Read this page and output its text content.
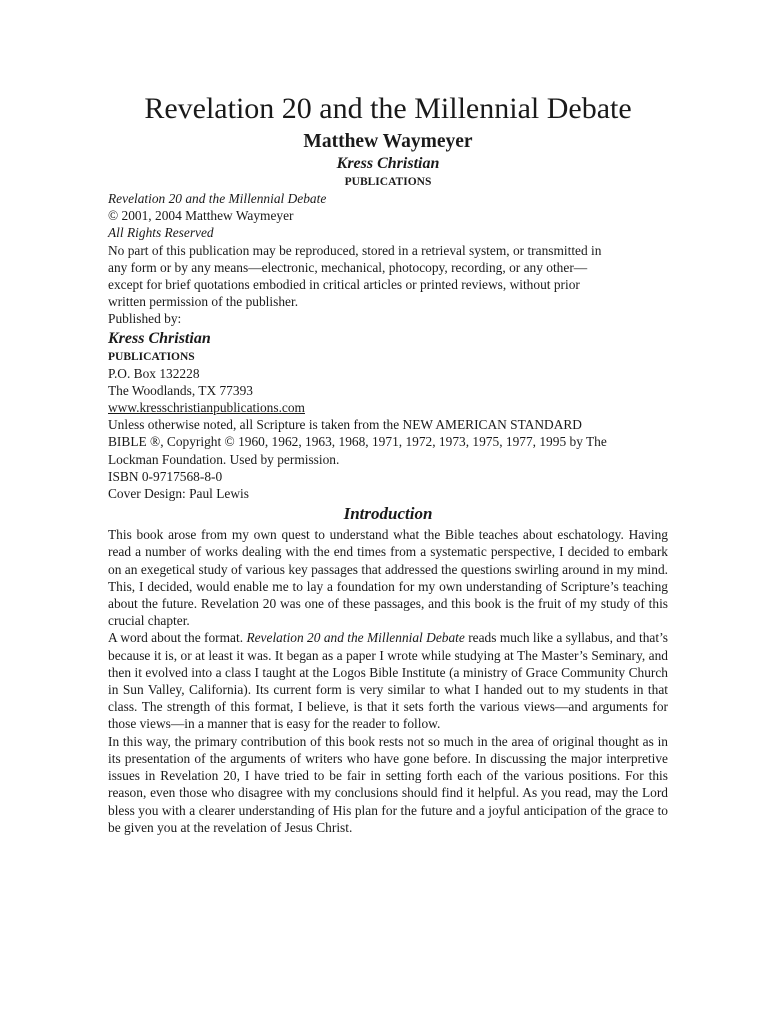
Revelation 20 and the Millennial Debate

Matthew Waymeyer

Kress Christian

PUBLICATIONS

Revelation 20 and the Millennial Debate

© 2001, 2004 Matthew Waymeyer

All Rights Reserved

No part of this publication may be reproduced, stored in a retrieval system, or transmitted in

any form or by any means—electronic, mechanical, photocopy, recording, or any other—

except for brief quotations embodied in critical articles or printed reviews, without prior

written permission of the publisher.

Published by:

Kress Christian

PUBLICATIONS

P.O. Box 132228

The Woodlands, TX 77393

www.kresschristianpublications.com

Unless otherwise noted, all Scripture is taken from the NEW AMERICAN STANDARD

BIBLE ®, Copyright © 1960, 1962, 1963, 1968, 1971, 1972, 1973, 1975, 1977, 1995 by The

Lockman Foundation. Used by permission.

ISBN 0-9717568-8-0

Cover Design: Paul Lewis

Introduction

This book arose from my own quest to understand what the Bible teaches about eschatology. Having read a number of works dealing with the end times from a systematic perspective, I decided to embark on an exegetical study of various key passages that addressed the questions swirling around in my mind. This, I decided, would enable me to lay a foundation for my own understanding of Scripture’s teaching about the future. Revelation 20 was one of these passages, and this book is the fruit of my study of this crucial chapter.

A word about the format. Revelation 20 and the Millennial Debate reads much like a syllabus, and that’s because it is, or at least it was. It began as a paper I wrote while studying at The Master’s Seminary, and then it evolved into a class I taught at the Logos Bible Institute (a ministry of Grace Community Church in Sun Valley, California). Its current form is very similar to what I handed out to my students in that class. The strength of this format, I believe, is that it sets forth the various views—and arguments for those views—in a manner that is easy for the reader to follow.

In this way, the primary contribution of this book rests not so much in the area of original thought as in its presentation of the arguments of writers who have gone before. In discussing the major interpretive issues in Revelation 20, I have tried to be fair in setting forth each of the various positions. For this reason, even those who disagree with my conclusions should find it helpful. As you read, may the Lord bless you with a clearer understanding of His plan for the future and a joyful anticipation of the grace to be given you at the revelation of Jesus Christ.
